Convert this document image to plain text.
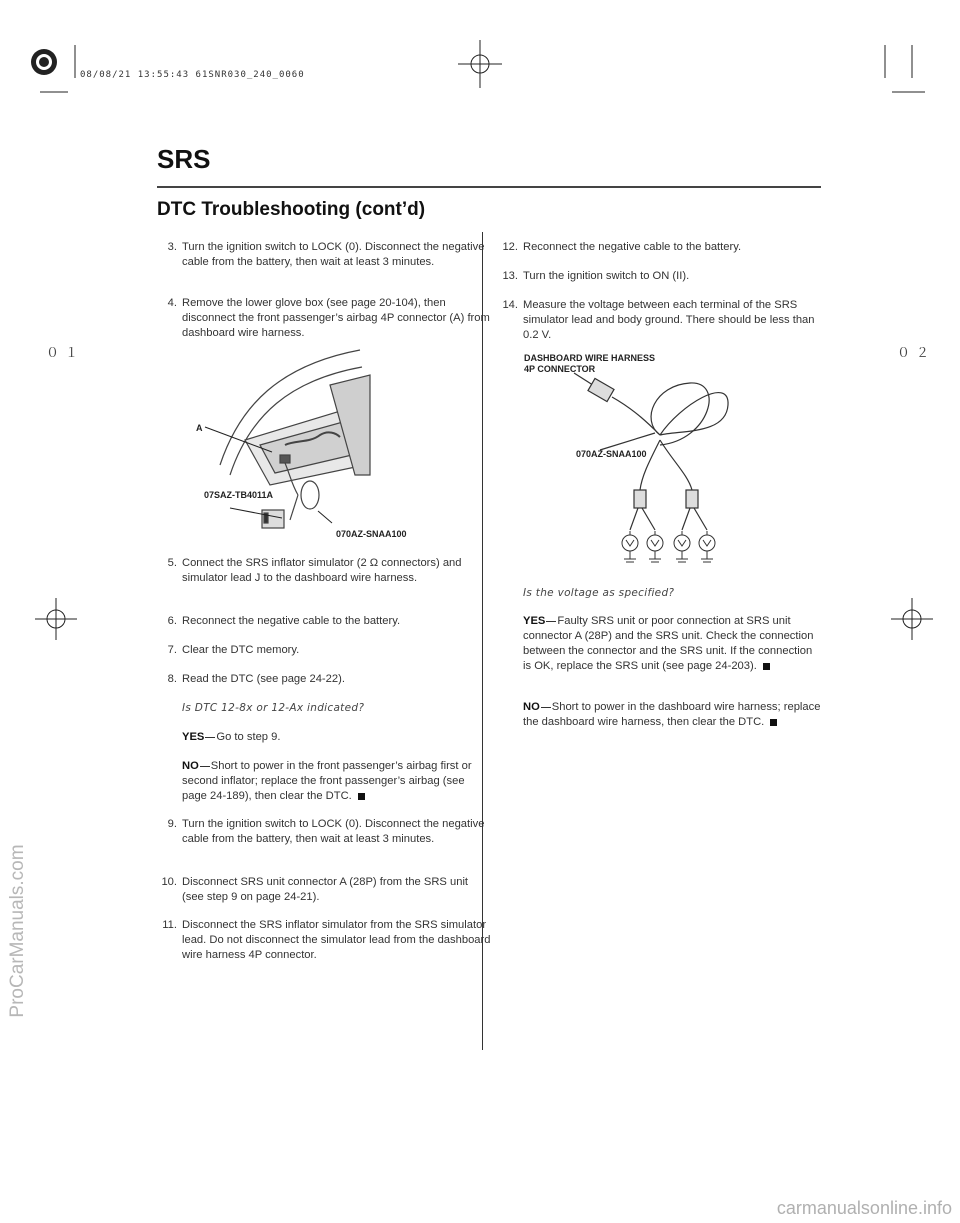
08/08/21 13:55:43 61SNR030_240_0060
０１	０２
ProCarManuals.com
carmanualsonline.info
SRS
DTC Troubleshooting (cont’d)
3. Turn the ignition switch to LOCK (0). Disconnect the negative cable from the battery, then wait at least 3 minutes.
4. Remove the lower glove box (see page 20-104), then disconnect the front passenger’s airbag 4P connector (A) from dashboard wire harness.
A
07SAZ-TB4011A
070AZ-SNAA100
5. Connect the SRS inflator simulator (2 Ω connectors) and simulator lead J to the dashboard wire harness.
6. Reconnect the negative cable to the battery.
7. Clear the DTC memory.
8. Read the DTC (see page 24-22).
Is DTC 12-8x or 12-Ax indicated?
YES Go to step 9.
NO Short to power in the front passenger’s airbag first or second inflator; replace the front passenger’s airbag (see page 24-189), then clear the DTC.
9. Turn the ignition switch to LOCK (0). Disconnect the negative cable from the battery, then wait at least 3 minutes.
10. Disconnect SRS unit connector A (28P) from the SRS unit (see step 9 on page 24-21).
11. Disconnect the SRS inflator simulator from the SRS simulator lead. Do not disconnect the simulator lead from the dashboard wire harness 4P connector.
12. Reconnect the negative cable to the battery.
13. Turn the ignition switch to ON (II).
14. Measure the voltage between each terminal of the SRS simulator lead and body ground. There should be less than 0.2 V.
DASHBOARD WIRE HARNESS
4P CONNECTOR
070AZ-SNAA100
Is the voltage as specified?
YES Faulty SRS unit or poor connection at SRS unit connector A (28P) and the SRS unit. Check the connection between the connector and the SRS unit. If the connection is OK, replace the SRS unit (see page 24-203).
NO Short to power in the dashboard wire harness; replace the dashboard wire harness, then clear the DTC.
